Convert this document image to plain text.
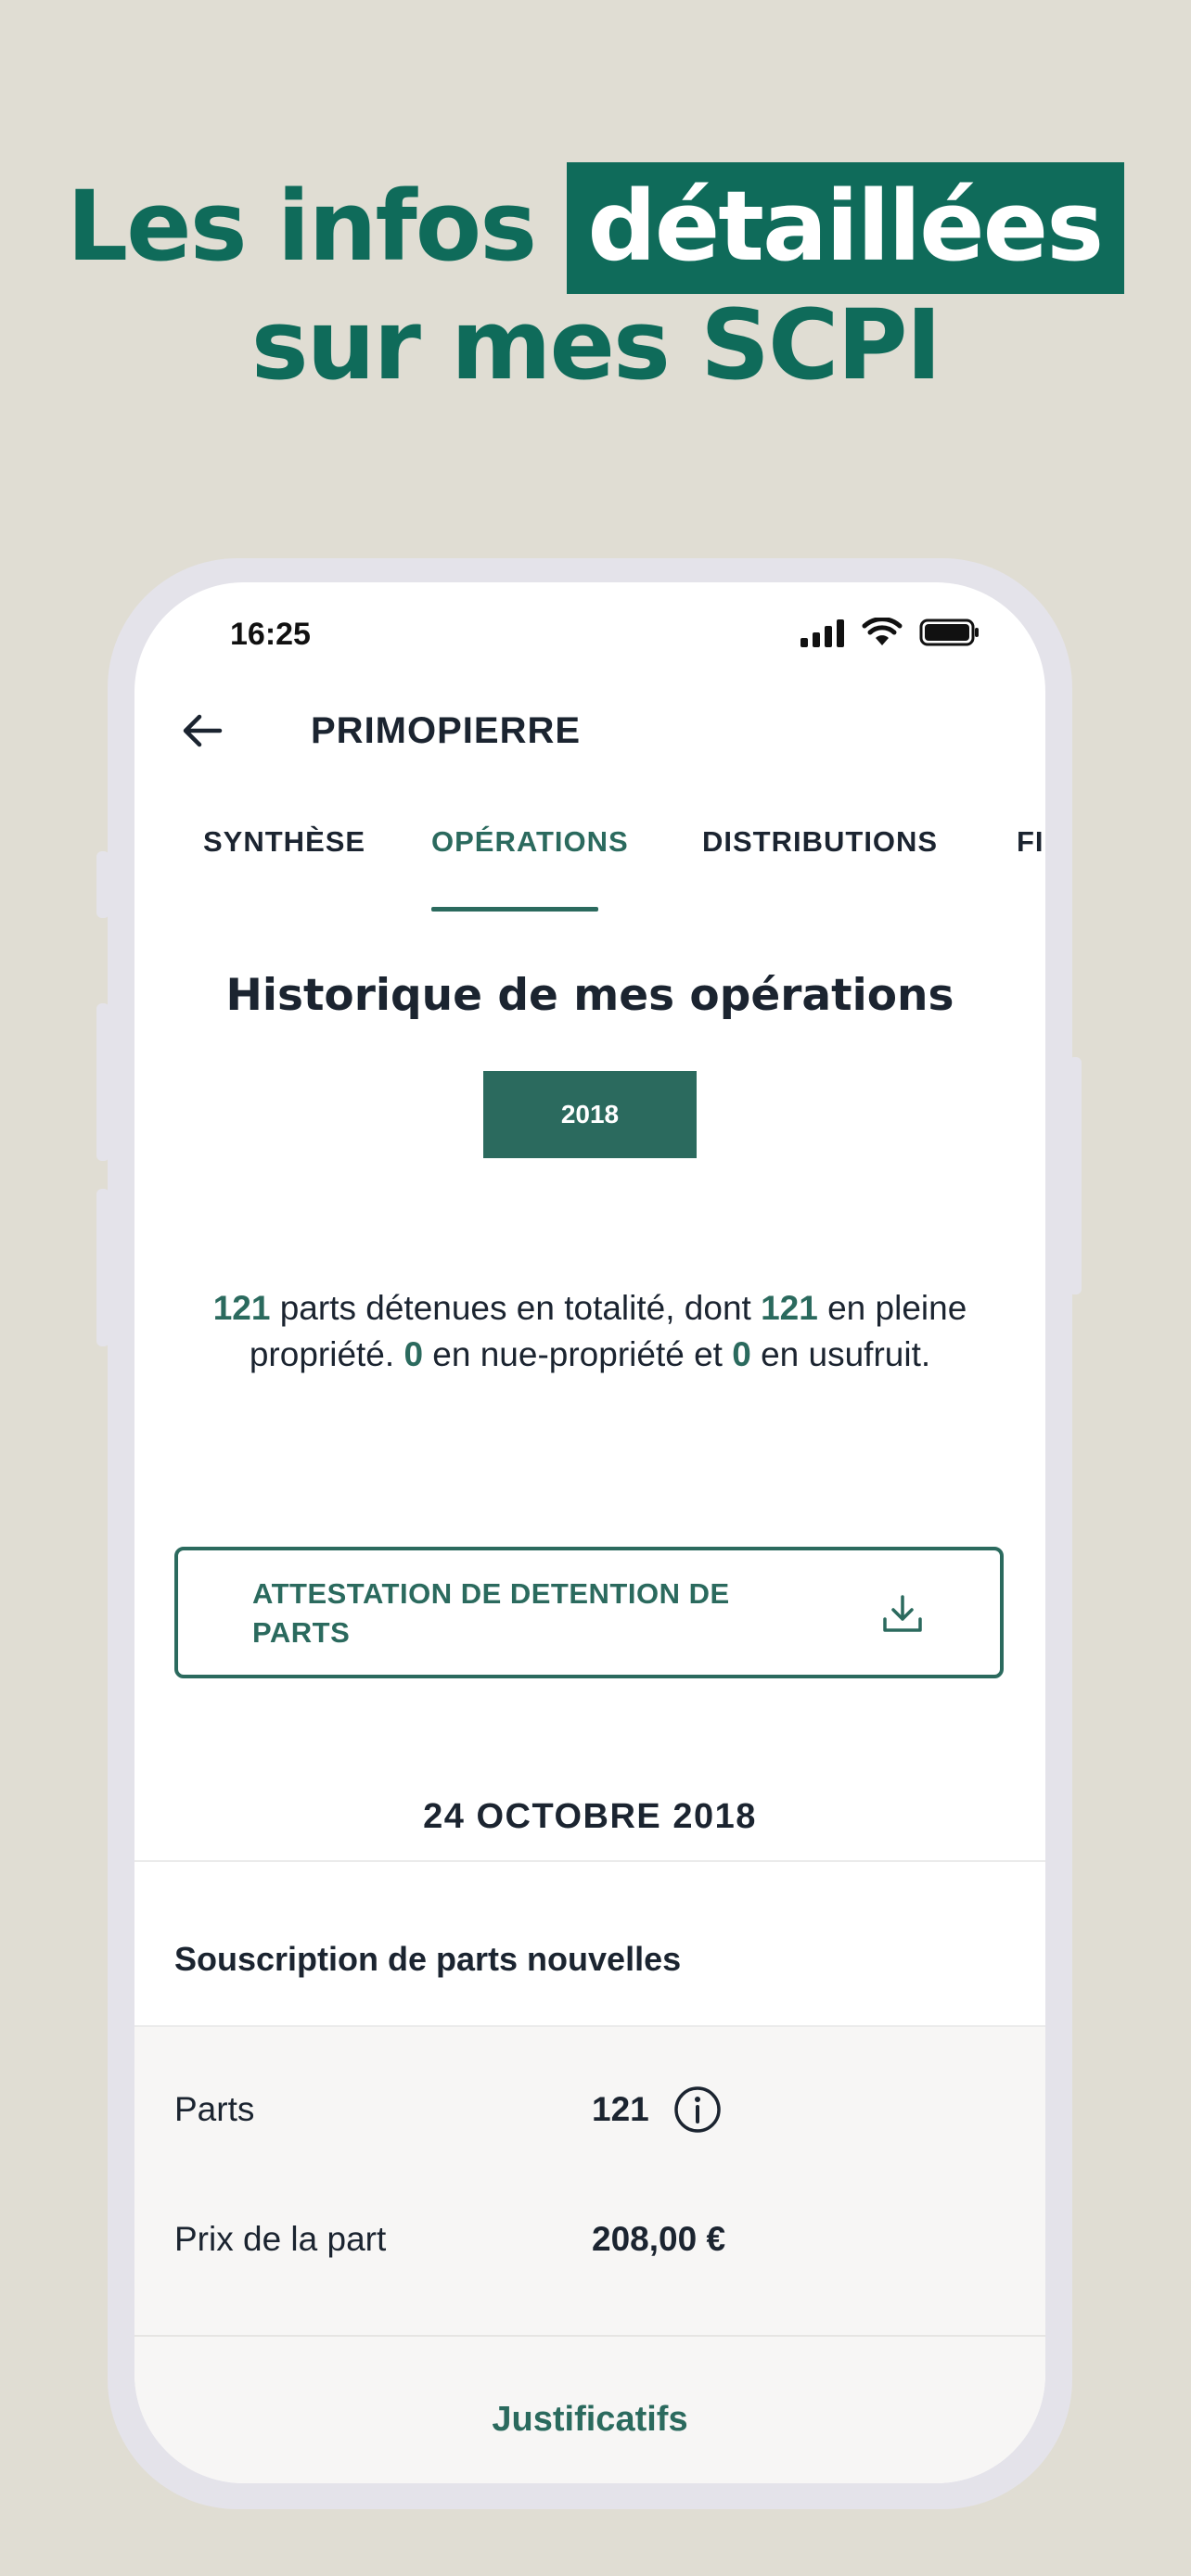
Les infos détaillées
sur mes SCPI
16:25
PRIMOPIERRE
SYNTHÈSE OPÉRATIONS	DISTRIBUTIONS	FI
Historique de mes opérations
2018
121 parts détenues en totalité, dont 121 en pleine propriété. 0 en nue-propriété et 0 en usufruit.
ATTESTATION DE DETENTION DE PARTS
24 OCTOBRE 2018
Souscription de parts nouvelles
Parts	121
Prix de la part	208,00 €
Justificatifs
